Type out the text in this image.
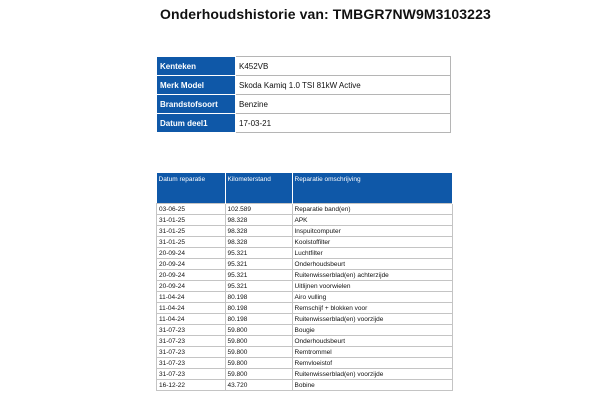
Onderhoudshistorie van: TMBGR7NW9M3103223
Kenteken	K452VB
Merk Model	Skoda Kamiq 1.0 TSI 81kW Active
Brandstofsoort	Benzine
Datum deel1	17-03-21
Datum reparatie	Kilometerstand	Reparatie omschrijving
03-06-25	102.589	Reparatie band(en)
31-01-25	98.328	APK
31-01-25	98.328	Inspuitcomputer
31-01-25	98.328	Koolstoffilter
20-09-24	95.321	Luchtfilter
20-09-24	95.321	Onderhoudsbeurt
20-09-24	95.321	Ruitenwisserblad(en) achterzijde
20-09-24	95.321	Uitlijnen voorwielen
11-04-24	80.198	Airo vulling
11-04-24	80.198	Remschijf + blokken voor
11-04-24	80.198	Ruitenwisserblad(en) voorzijde
31-07-23	59.800	Bougie
31-07-23	59.800	Onderhoudsbeurt
31-07-23	59.800	Remtrommel
31-07-23	59.800	Remvloeistof
31-07-23	59.800	Ruitenwisserblad(en) voorzijde
16-12-22	43.720	Bobine
